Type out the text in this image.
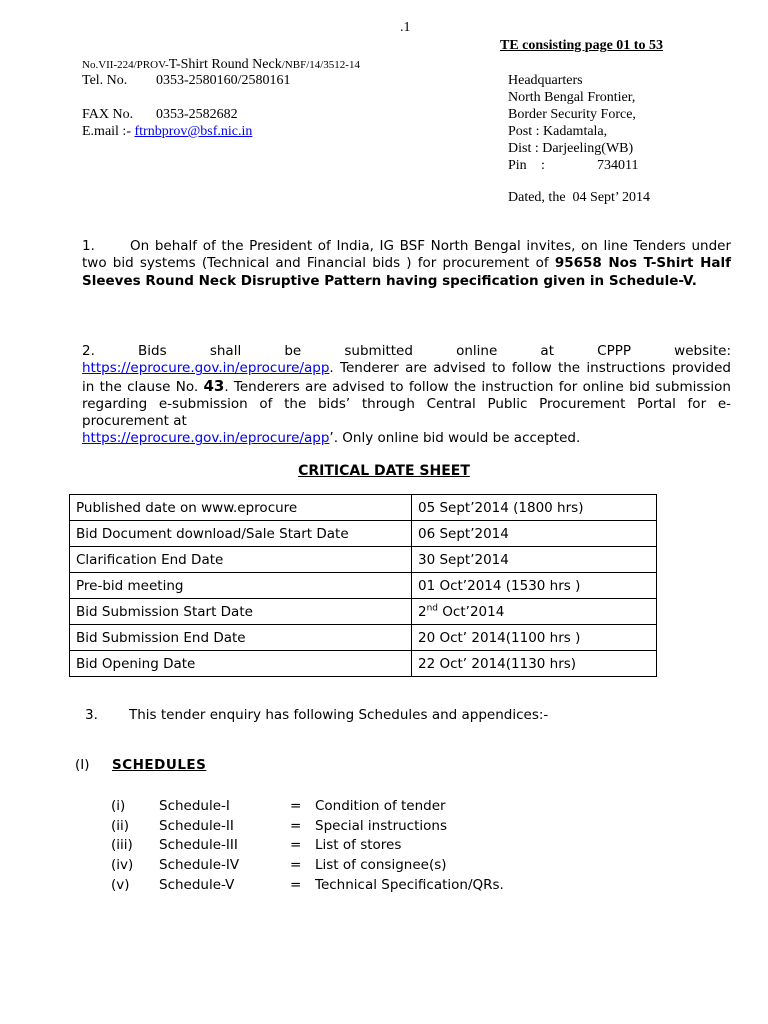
.1
TE consisting page 01 to 53
No.VII-224/PROV-T-Shirt Round Neck/NBF/14/3512-14
Tel. No. 0353-2580160/2580161
FAX No. 0353-2582682
E.mail :- ftrnbprov@bsf.nic.in
Headquarters
North Bengal Frontier,
Border Security Force,
Post : Kadamtala,
Dist : Darjeeling(WB)
Pin :	734011
Dated, the 04 Sept’ 2014
1.	On behalf of the President of India, IG BSF North Bengal invites, on line Tenders under two bid systems (Technical and Financial bids ) for procurement of 95658 Nos T-Shirt Half Sleeves Round Neck Disruptive Pattern having specification given in Schedule-V.
2.	Bids	shall	be	submitted	online	at	CPPP	website:
https://eprocure.gov.in/eprocure/app. Tenderer are advised to follow the instructions provided in the clause No. 43. Tenderers are advised to follow the instruction for online bid submission regarding e-submission of the bids’ through Central Public Procurement Portal for e-procurement at
https://eprocure.gov.in/eprocure/app’. Only online bid would be accepted.
CRITICAL DATE SHEET
Published date on www.eprocure	05 Sept’2014 (1800 hrs)
Bid Document download/Sale Start Date	06 Sept’2014
Clarification End Date	30 Sept’2014
Pre-bid meeting	01 Oct’2014 (1530 hrs )
Bid Submission Start Date	2nd Oct’2014
Bid Submission End Date	20 Oct’ 2014(1100 hrs )
Bid Opening Date	22 Oct’ 2014(1130 hrs)
3. This tender enquiry has following Schedules and appendices:-
(I) SCHEDULES
(i) Schedule-I	= Condition of tender
(ii) Schedule-II	= Special instructions
(iii) Schedule-III	= List of stores
(iv) Schedule-IV	= List of consignee(s)
(v) Schedule-V	= Technical Specification/QRs.
